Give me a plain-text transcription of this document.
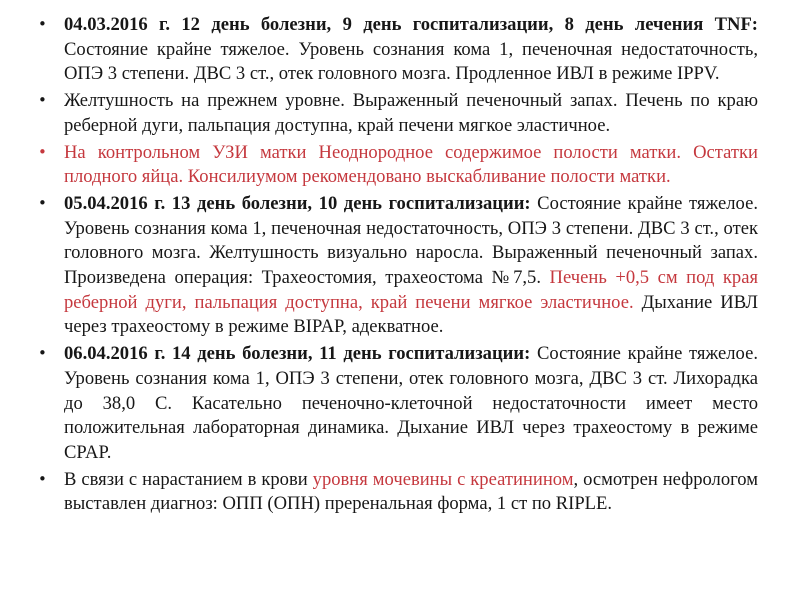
• 04.03.2016 г. 12 день болезни, 9 день госпитализации, 8 день лечения TNF: Состояние крайне тяжелое. Уровень сознания кома 1, печеночная недостаточность, ОПЭ 3 степени. ДВС 3 ст., отек головного мозга. Продленное ИВЛ в режиме IPPV.
• Желтушность на прежнем уровне. Выраженный печеночный запах. Печень по краю реберной дуги, пальпация доступна, край печени мягкое эластичное.
• На контрольном УЗИ матки Неоднородное содержимое полости матки. Остатки плодного яйца. Консилиумом рекомендовано выскабливание полости матки.
• 05.04.2016 г. 13 день болезни, 10 день госпитализации: Состояние крайне тяжелое. Уровень сознания кома 1, печеночная недостаточность, ОПЭ 3 степени. ДВС 3 ст., отек головного мозга. Желтушность визуально наросла. Выраженный печеночный запах. Произведена операция: Трахеостомия, трахеостома №7,5. Печень +0,5 см под края реберной дуги, пальпация доступна, край печени мягкое эластичное. Дыхание ИВЛ через трахеостому в режиме BIPAP, адекватное.
• 06.04.2016 г. 14 день болезни, 11 день госпитализации: Состояние крайне тяжелое. Уровень сознания кома 1, ОПЭ 3 степени, отек головного мозга, ДВС 3 ст. Лихорадка до 38,0 С. Касательно печеночно-клеточной недостаточности имеет место положительная лабораторная динамика. Дыхание ИВЛ через трахеостому в режиме CPAP.
• В связи с нарастанием в крови уровня мочевины с креатинином, осмотрен нефрологом выставлен диагноз: ОПП (ОПН) преренальная форма, 1 ст по RIPLE.
